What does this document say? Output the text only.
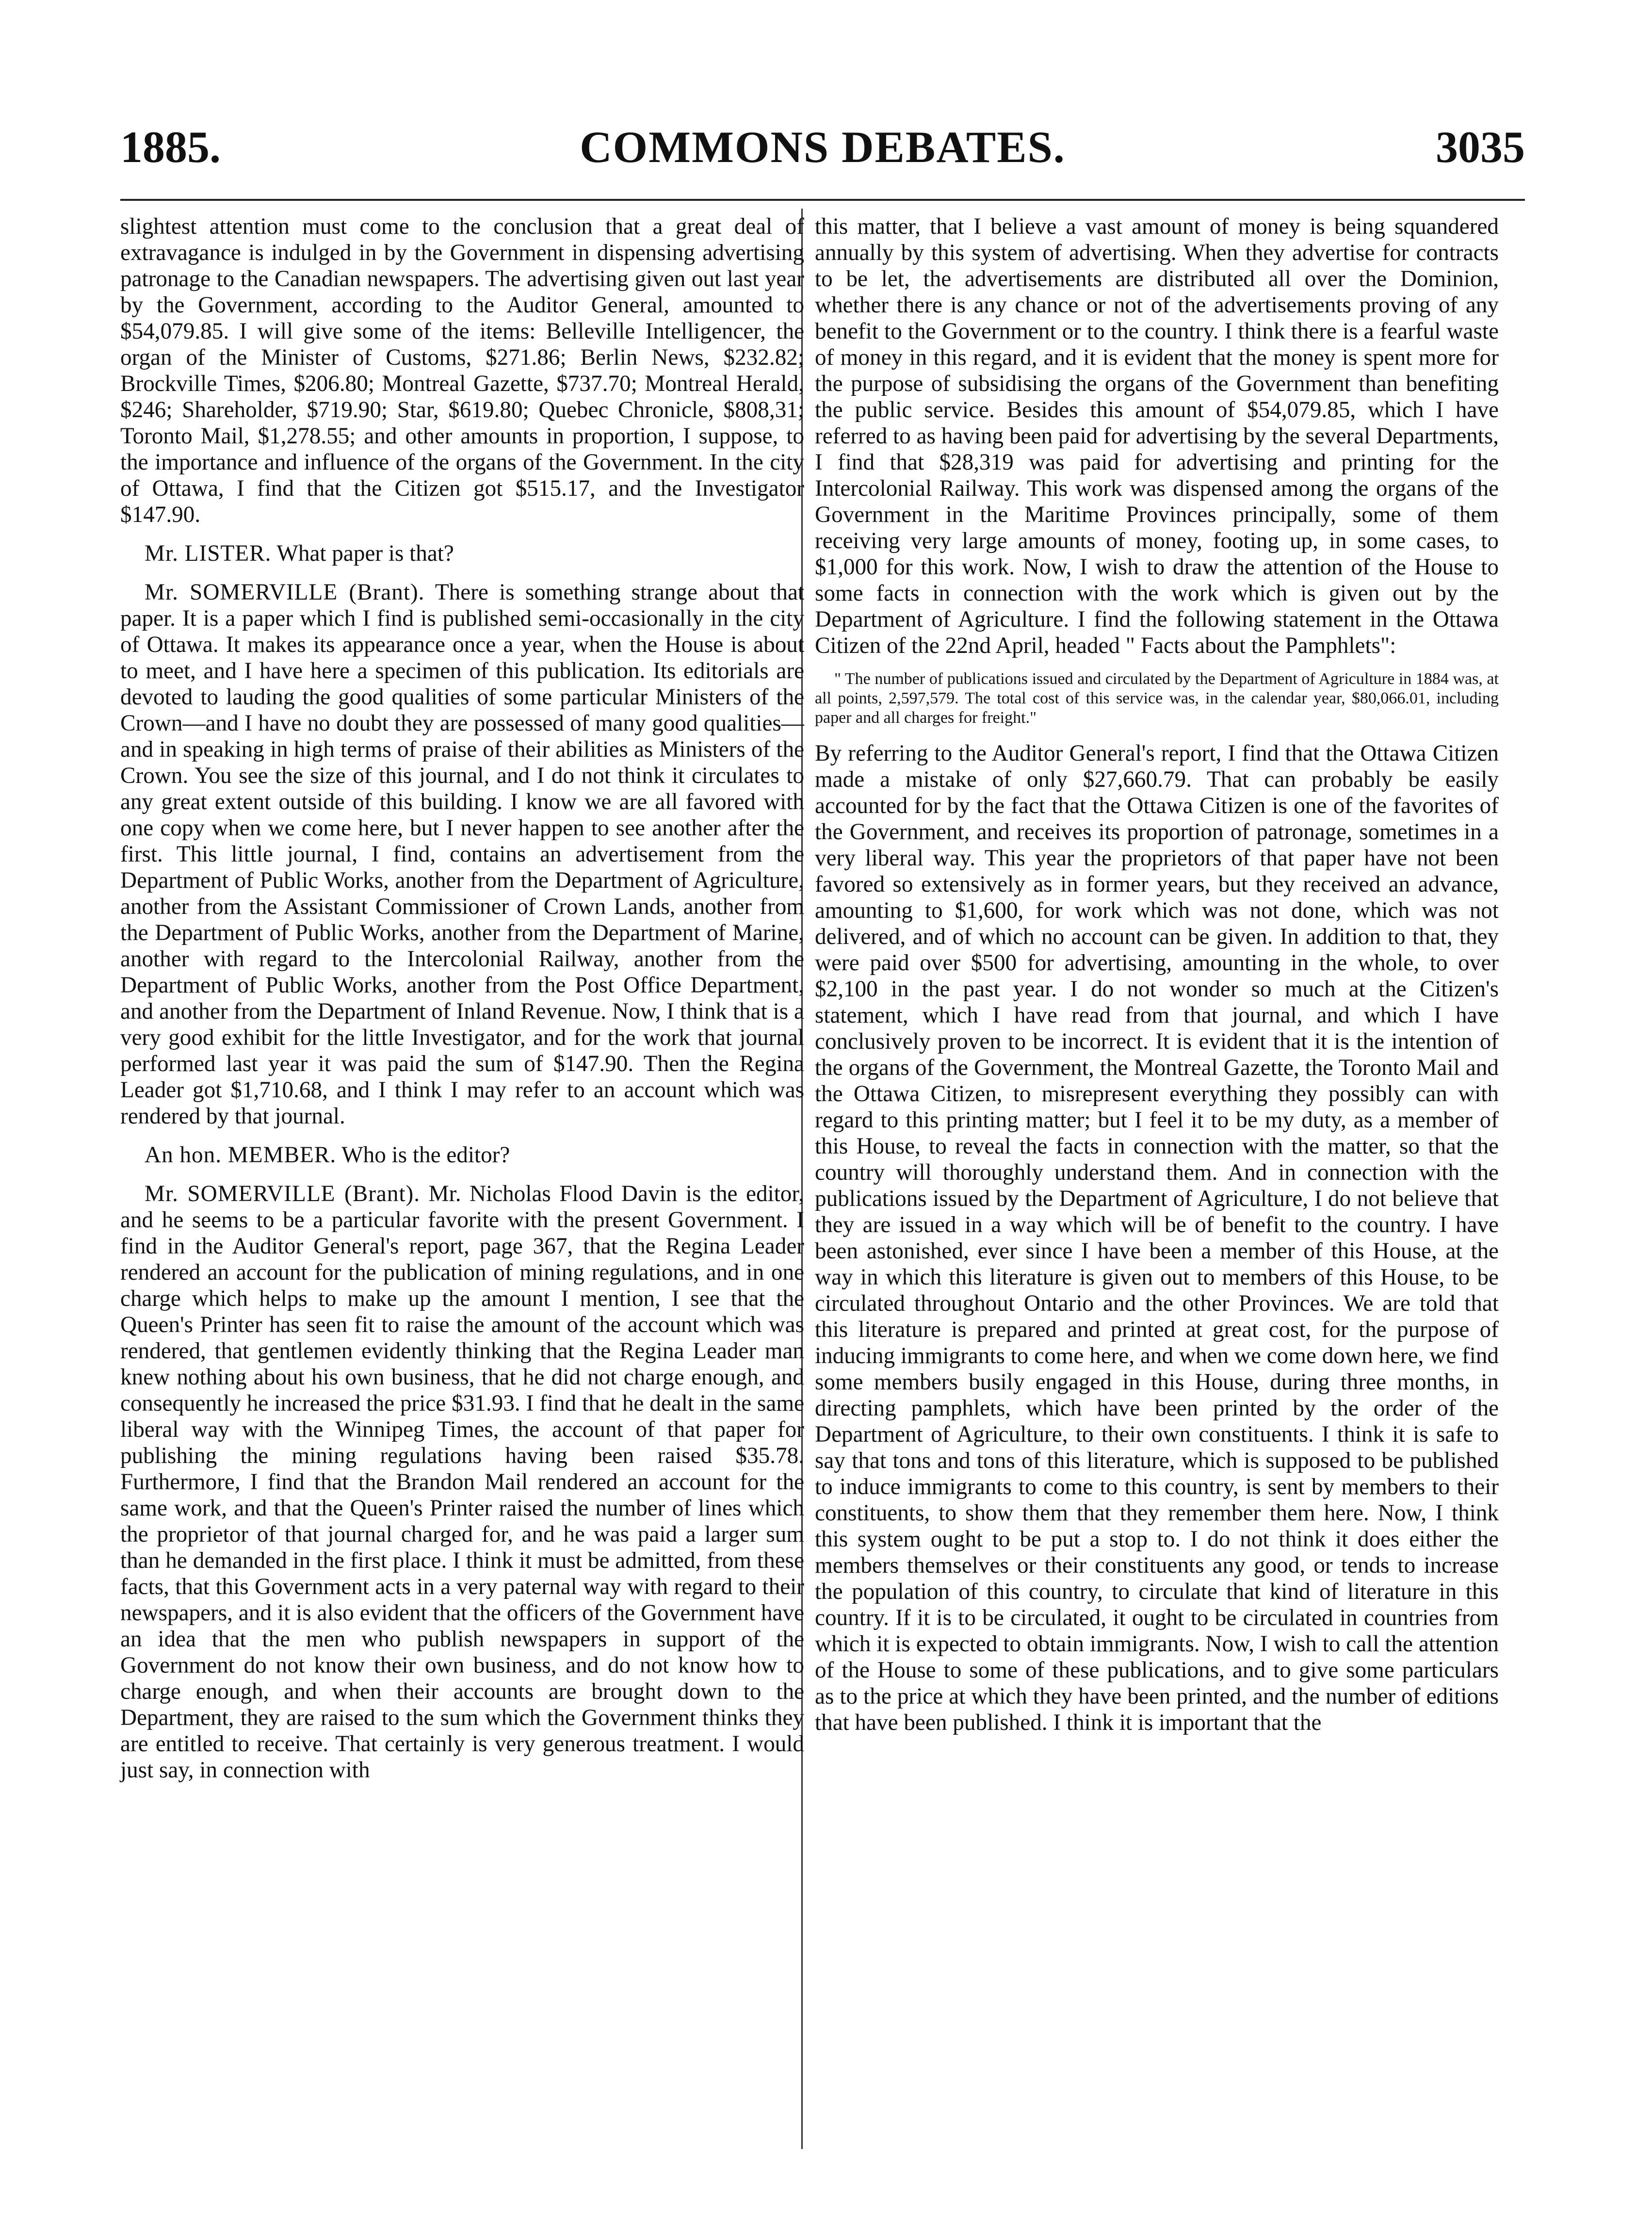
COMMONS DEBATES.
1885.	3035

slightest attention must come to the conclusion that a great deal of extravagance is indulged in by the Government in dispensing advertising patronage to the Canadian newspapers. The advertising given out last year by the Government, according to the Auditor General, amounted to $54,079.85. I will give some of the items: Belleville Intelligencer, the organ of the Minister of Customs, $271.86; Berlin News, $232.82; Brockville Times, $206.80; Montreal Gazette, $737.70; Montreal Herald, $246; Shareholder, $719.90; Star, $619.80; Quebec Chronicle, $808,31; Toronto Mail, $1,278.55; and other amounts in proportion, I suppose, to the importance and influence of the organs of the Government. In the city of Ottawa, I find that the Citizen got $515.17, and the Investigator $147.90.

Mr. LISTER. What paper is that?

Mr. SOMERVILLE (Brant). There is something strange about that paper. It is a paper which I find is published semi-occasionally in the city of Ottawa. It makes its appearance once a year, when the House is about to meet, and I have here a specimen of this publication. Its editorials are devoted to lauding the good qualities of some particular Ministers of the Crown—and I have no doubt they are possessed of many good qualities—and in speaking in high terms of praise of their abilities as Ministers of the Crown. You see the size of this journal, and I do not think it circulates to any great extent outside of this building. I know we are all favored with one copy when we come here, but I never happen to see another after the first. This little journal, I find, contains an advertisement from the Department of Public Works, another from the Department of Agriculture, another from the Assistant Commissioner of Crown Lands, another from the Department of Public Works, another from the Department of Marine, another with regard to the Intercolonial Railway, another from the Department of Public Works, another from the Post Office Department, and another from the Department of Inland Revenue. Now, I think that is a very good exhibit for the little Investigator, and for the work that journal performed last year it was paid the sum of $147.90. Then the Regina Leader got $1,710.68, and I think I may refer to an account which was rendered by that journal.

An hon. MEMBER. Who is the editor?

Mr. SOMERVILLE (Brant). Mr. Nicholas Flood Davin is the editor, and he seems to be a particular favorite with the present Government. I find in the Auditor General's report, page 367, that the Regina Leader rendered an account for the publication of mining regulations, and in one charge which helps to make up the amount I mention, I see that the Queen's Printer has seen fit to raise the amount of the account which was rendered, that gentlemen evidently thinking that the Regina Leader man knew nothing about his own business, that he did not charge enough, and consequently he increased the price $31.93. I find that he dealt in the same liberal way with the Winnipeg Times, the account of that paper for publishing the mining regulations having been raised $35.78. Furthermore, I find that the Brandon Mail rendered an account for the same work, and that the Queen's Printer raised the number of lines which the proprietor of that journal charged for, and he was paid a larger sum than he demanded in the first place. I think it must be admitted, from these facts, that this Government acts in a very paternal way with regard to their newspapers, and it is also evident that the officers of the Government have an idea that the men who publish newspapers in support of the Government do not know their own business, and do not know how to charge enough, and when their accounts are brought down to the Department, they are raised to the sum which the Government thinks they are entitled to receive. That certainly is very generous treatment. I would just say, in connection with

this matter, that I believe a vast amount of money is being squandered annually by this system of advertising. When they advertise for contracts to be let, the advertisements are distributed all over the Dominion, whether there is any chance or not of the advertisements proving of any benefit to the Government or to the country. I think there is a fearful waste of money in this regard, and it is evident that the money is spent more for the purpose of subsidising the organs of the Government than benefiting the public service. Besides this amount of $54,079.85, which I have referred to as having been paid for advertising by the several Departments, I find that $28,319 was paid for advertising and printing for the Intercolonial Railway. This work was dispensed among the organs of the Government in the Maritime Provinces principally, some of them receiving very large amounts of money, footing up, in some cases, to $1,000 for this work. Now, I wish to draw the attention of the House to some facts in connection with the work which is given out by the Department of Agriculture. I find the following statement in the Ottawa Citizen of the 22nd April, headed " Facts about the Pamphlets":

" The number of publications issued and circulated by the Department of Agriculture in 1884 was, at all points, 2,597,579. The total cost of this service was, in the calendar year, $80,066.01, including paper and all charges for freight."

By referring to the Auditor General's report, I find that the Ottawa Citizen made a mistake of only $27,660.79. That can probably be easily accounted for by the fact that the Ottawa Citizen is one of the favorites of the Government, and receives its proportion of patronage, sometimes in a very liberal way. This year the proprietors of that paper have not been favored so extensively as in former years, but they received an advance, amounting to $1,600, for work which was not done, which was not delivered, and of which no account can be given. In addition to that, they were paid over $500 for advertising, amounting in the whole, to over $2,100 in the past year. I do not wonder so much at the Citizen's statement, which I have read from that journal, and which I have conclusively proven to be incorrect. It is evident that it is the intention of the organs of the Government, the Montreal Gazette, the Toronto Mail and the Ottawa Citizen, to misrepresent everything they possibly can with regard to this printing matter; but I feel it to be my duty, as a member of this House, to reveal the facts in connection with the matter, so that the country will thoroughly understand them. And in connection with the publications issued by the Department of Agriculture, I do not believe that they are issued in a way which will be of benefit to the country. I have been astonished, ever since I have been a member of this House, at the way in which this literature is given out to members of this House, to be circulated throughout Ontario and the other Provinces. We are told that this literature is prepared and printed at great cost, for the purpose of inducing immigrants to come here, and when we come down here, we find some members busily engaged in this House, during three months, in directing pamphlets, which have been printed by the order of the Department of Agriculture, to their own constituents. I think it is safe to say that tons and tons of this literature, which is supposed to be published to induce immigrants to come to this country, is sent by members to their constituents, to show them that they remember them here. Now, I think this system ought to be put a stop to. I do not think it does either the members themselves or their constituents any good, or tends to increase the population of this country, to circulate that kind of literature in this country. If it is to be circulated, it ought to be circulated in countries from which it is expected to obtain immigrants. Now, I wish to call the attention of the House to some of these publications, and to give some particulars as to the price at which they have been printed, and the number of editions that have been published. I think it is important that the
